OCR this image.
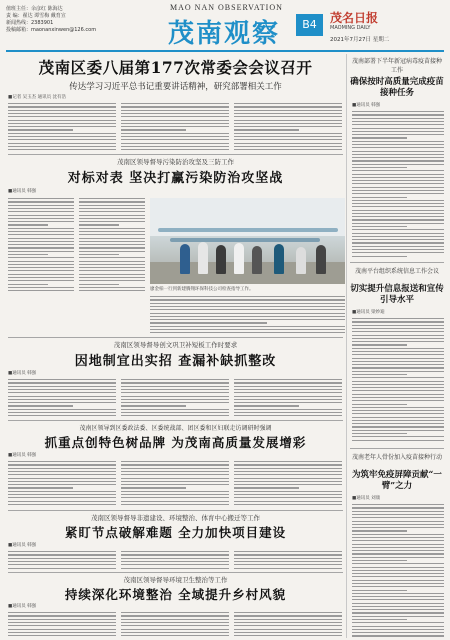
值班主任：余彦红 陈海达
责 编：翟达 谭雪梅 戴育宣
新闻热线：2383901
投稿邮箱：maonanxinwen@126.com
MAO NAN OBSERVATION
茂南观察	B4	茂名日报
MAOMING DAILY
2021年7月27日 星期二
茂南区委八届第177次常委会会议召开
传达学习习近平总书记重要讲话精神，研究部署相关工作
■记者 吴玉杰 通讯员 沈有浩
茂南区领导督导污染防治攻坚及三防工作
对标对表 坚决打赢污染防治攻坚战
■通讯员 韩强
廖金柏一行到新建腾翔环保科技公司检查指导工作。
茂南区领导督导创文巩卫补短板工作时要求
因地制宜出实招 查漏补缺抓整改
■通讯员 韩强
茂南区领导到区委政法委、区委统战部、团区委和区妇联走访调研时强调
抓重点创特色树品牌 为茂南高质量发展增彩
■通讯员 韩强
茂南区领导督导非遗建设、环境整治、体育中心搬迁等工作
紧盯节点破解难题 全力加快项目建设
■通讯员 韩强
茂南区领导督导环境卫生整治等工作
持续深化环境整治 全域提升乡村风貌
■通讯员 韩强
茂南部署下半年新冠病毒疫苗接种工作
确保按时高质量完成疫苗接种任务
■通讯员 韩强
茂南平台组织系统信息工作会议
切实提升信息报送和宣传引导水平
■通讯员 梁妙迪
茂南老年人骨份加入疫苗接种行动
为筑牢免疫屏障贡献“一臂”之力
■通讯员 刘康
